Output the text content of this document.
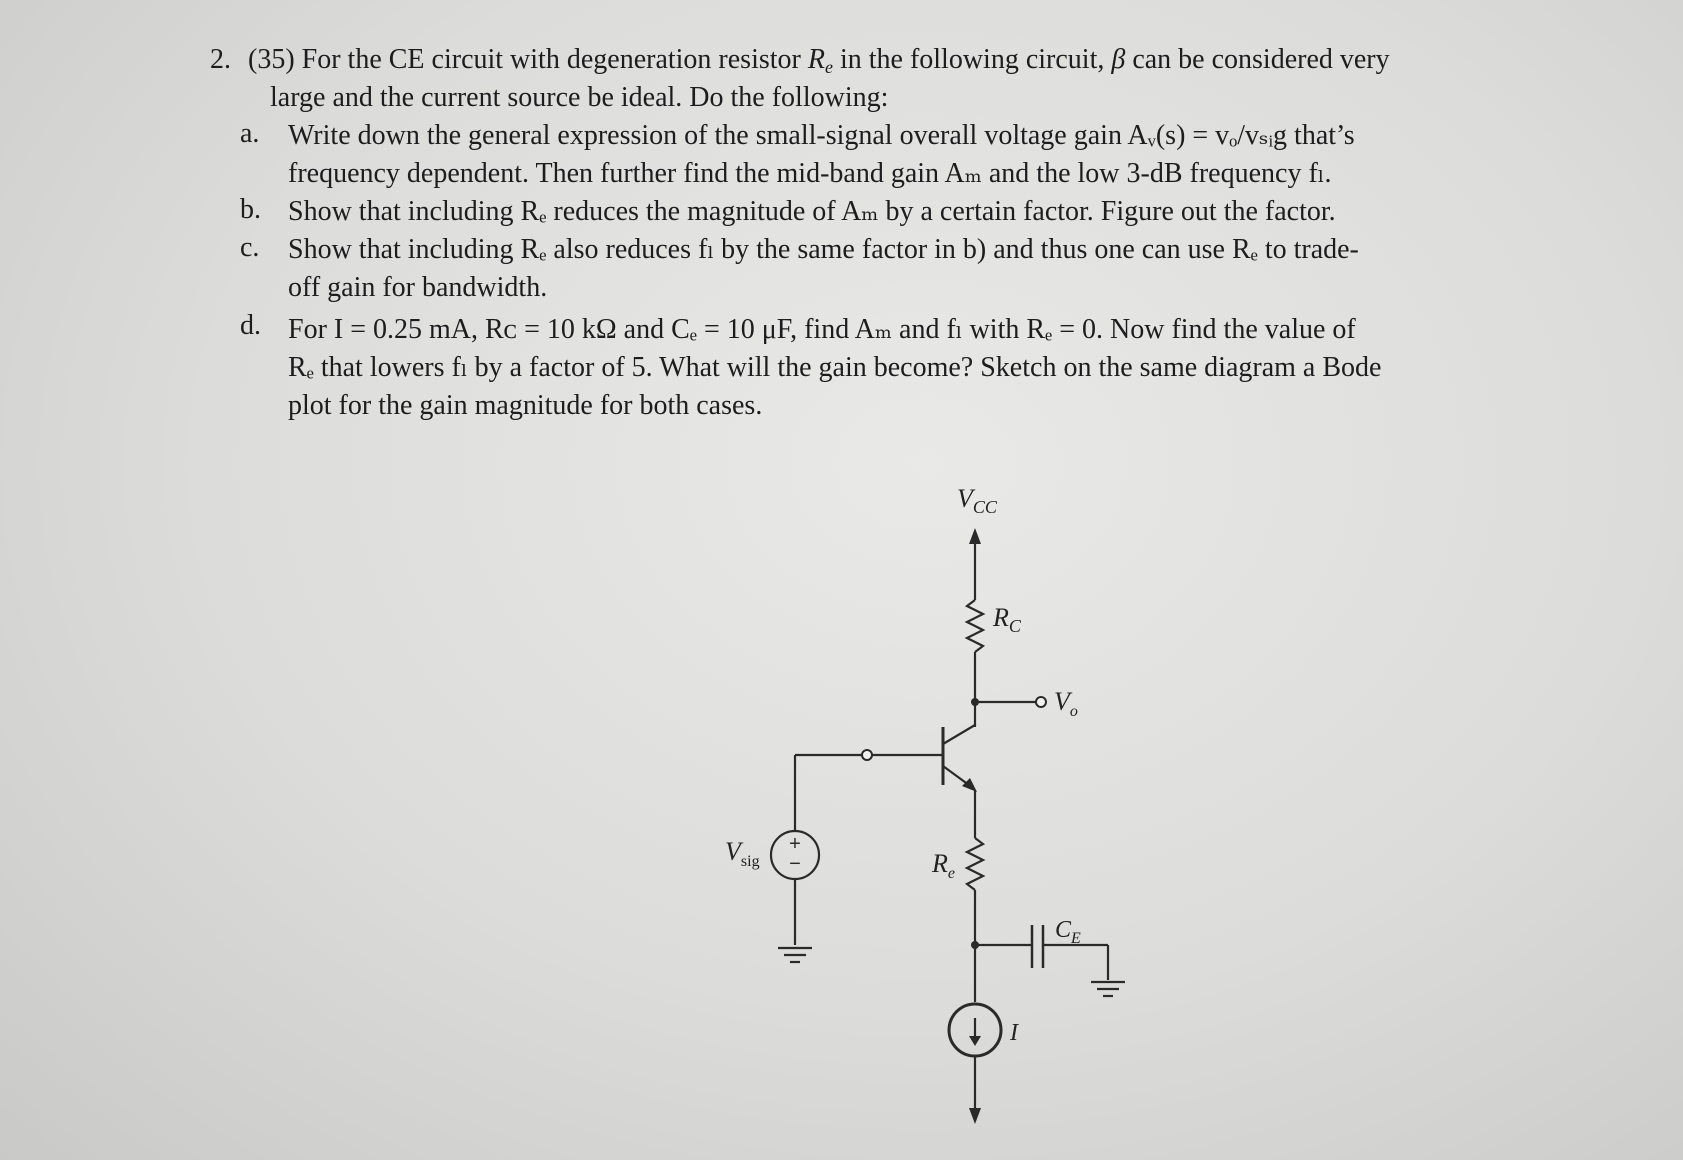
2. (35) For the CE circuit with degeneration resistor $R_e$ in the following circuit, β can be considered very
large and the current source be ideal. Do the following:
a. Write down the general expression of the small-signal overall voltage gain Aᵥ(s) = vₒ/vₛᵢg that’s
frequency dependent. Then further find the mid-band gain Aₘ and the low 3-dB frequency fₗ.
b. Show that including Rₑ reduces the magnitude of Aₘ by a certain factor. Figure out the factor.
c. Show that including Rₑ also reduces fₗ by the same factor in b) and thus one can use Rₑ to trade-
off gain for bandwidth.
d. For I = 0.25 mA, Rᴄ = 10 kΩ and Cₑ = 10 μF, find Aₘ and fₗ with Rₑ = 0. Now find the value of
Rₑ that lowers fₗ by a factor of 5. What will the gain become? Sketch on the same diagram a Bode
plot for the gain magnitude for both cases.
$V_{CC}$
$R_C$
$V_o$
$V_{sig}$
+
−	$R_e$
$C_E$
I
